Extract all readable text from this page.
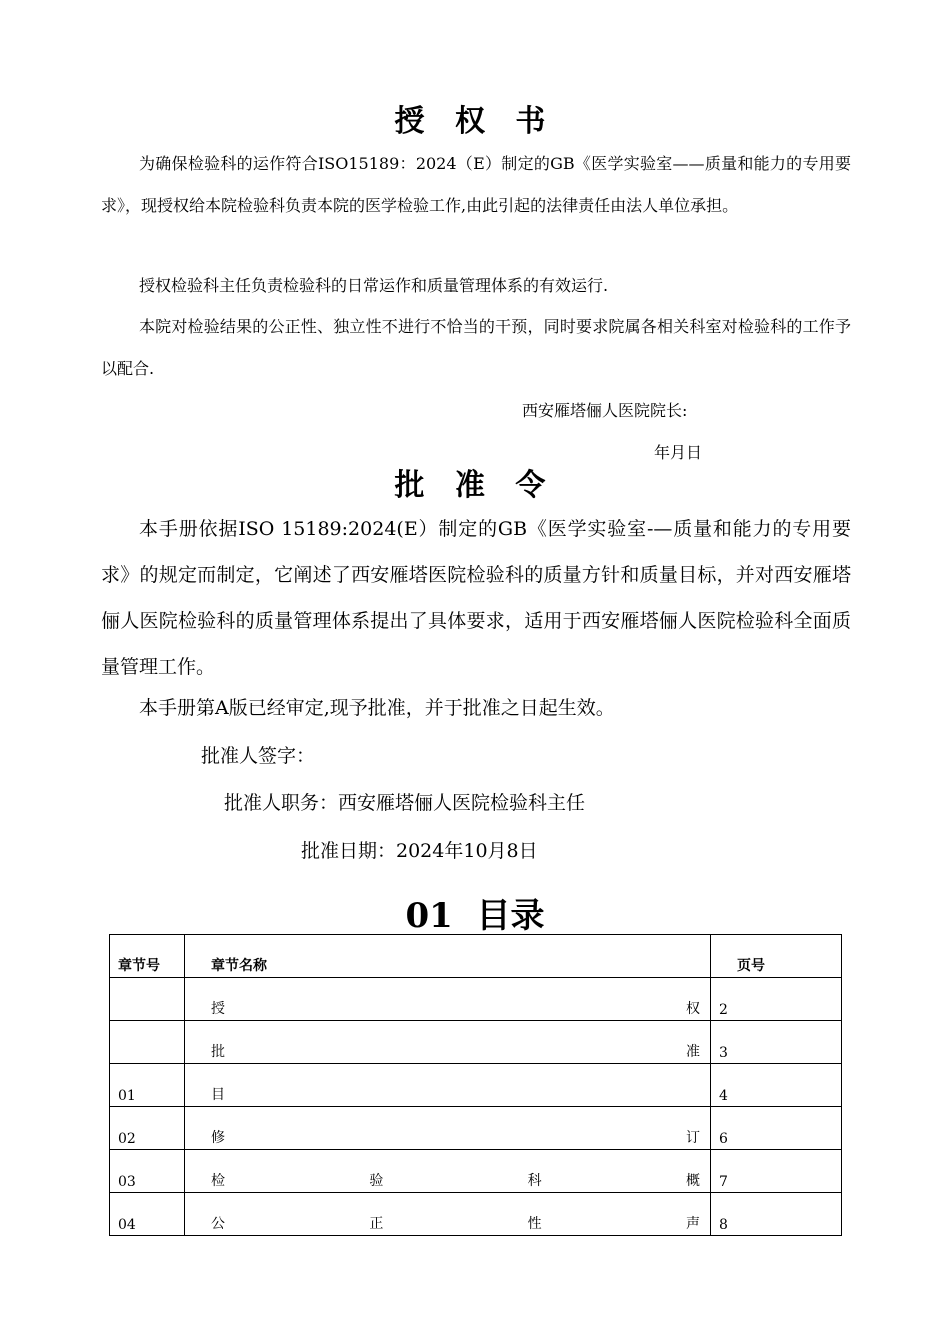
授 权 书
为确保检验科的运作符合ISO15189：2024（E）制定的GB《医学实验室——质量和能力的专用要求》，现授权给本院检验科负责本院的医学检验工作,由此引起的法律责任由法人单位承担。
授权检验科主任负责检验科的日常运作和质量管理体系的有效运行.
本院对检验结果的公正性、独立性不进行不恰当的干预，同时要求院属各相关科室对检验科的工作予以配合.
西安雁塔俪人医院院长:
年月日
批 准 令
本手册依据ISO 15189:2024(E）制定的GB《医学实验室-—质量和能力的专用要求》的规定而制定，它阐述了西安雁塔医院检验科的质量方针和质量目标，并对西安雁塔俪人医院检验科的质量管理体系提出了具体要求，适用于西安雁塔俪人医院检验科全面质量管理工作。
本手册第A版已经审定,现予批准，并于批准之日起生效。
批准人签字：
批准人职务：西安雁塔俪人医院检验科主任
批准日期：2024年10月8日
01  目录
章节号	章节名称	页号

	授 权	2

	批 准	3
01	目	4
02	修 订	6
03	检 验 科 概	7
04	公 正 性 声	8
